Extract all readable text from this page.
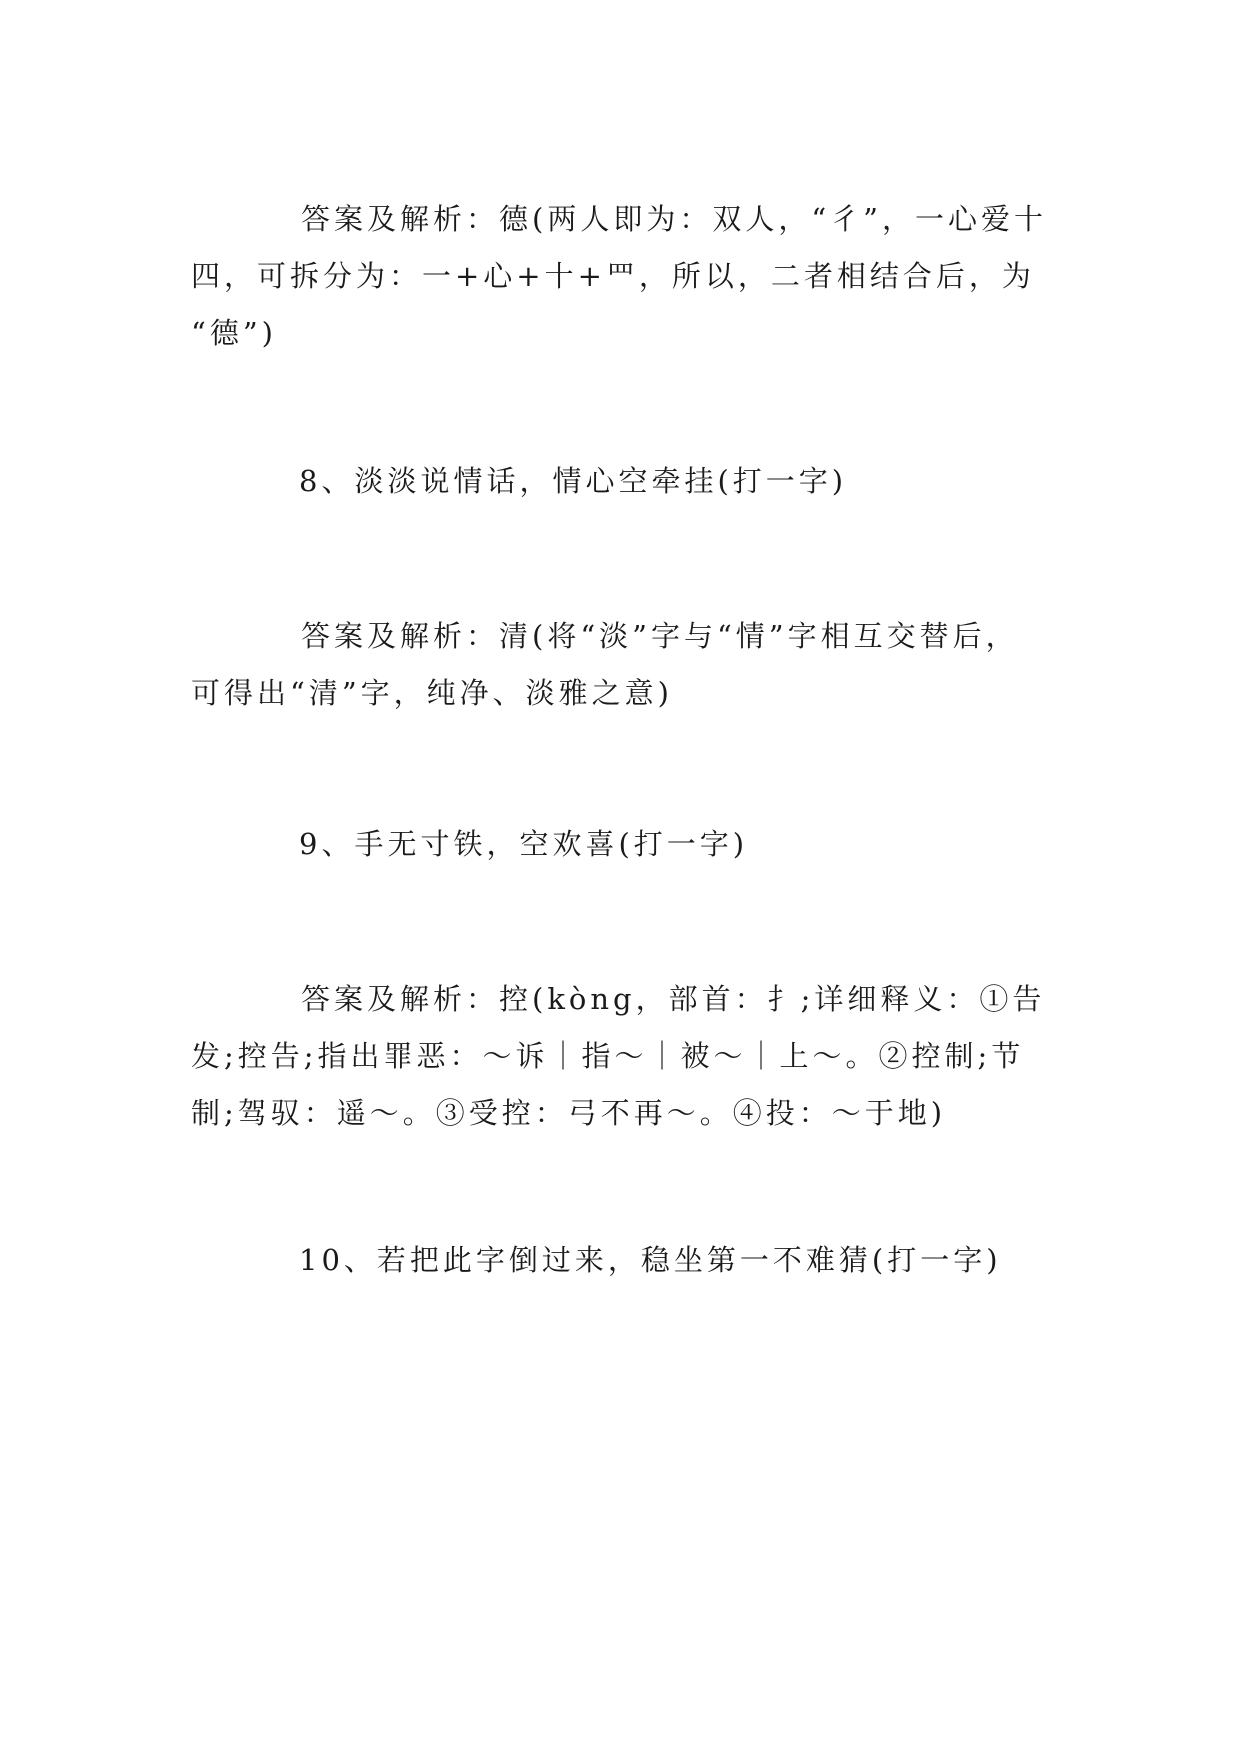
答案及解析：德(两人即为：双人，“彳”，一心爱十
四，可拆分为：一+心+十+罒，所以，二者相结合后，为
“德”)
8、淡淡说情话，情心空牵挂(打一字)
答案及解析：清(将“淡”字与“情”字相互交替后，
可得出“清”字，纯净、淡雅之意)
9、手无寸铁，空欢喜(打一字)
答案及解析：控(kòng，部首：扌;详细释义：①告
发;控告;指出罪恶：～诉｜指～｜被～｜上～。②控制;节
制;驾驭：遥～。③受控：弓不再～。④投：～于地)
10、若把此字倒过来，稳坐第一不难猜(打一字)
